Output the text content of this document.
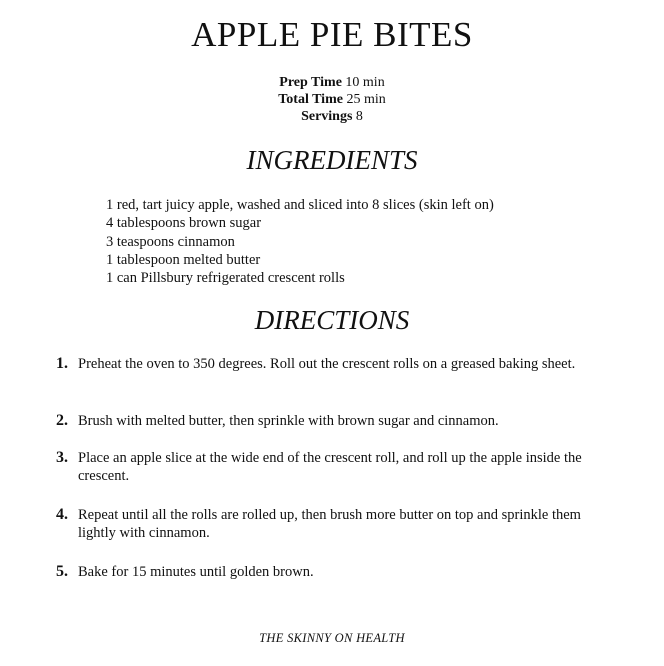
APPLE PIE BITES
Prep Time 10 min
Total Time 25 min
Servings 8
INGREDIENTS
1 red, tart juicy apple, washed and sliced into 8 slices (skin left on)
4 tablespoons brown sugar
3 teaspoons cinnamon
1 tablespoon melted butter
1 can Pillsbury refrigerated crescent rolls
DIRECTIONS
1. Preheat the oven to 350 degrees. Roll out the crescent rolls on a greased baking sheet.
2. Brush with melted butter, then sprinkle with brown sugar and cinnamon.
3. Place an apple slice at the wide end of the crescent roll, and roll up the apple inside the crescent.
4. Repeat until all the rolls are rolled up, then brush more butter on top and sprinkle them lightly with cinnamon.
5. Bake for 15 minutes until golden brown.
THE SKINNY ON HEALTH
